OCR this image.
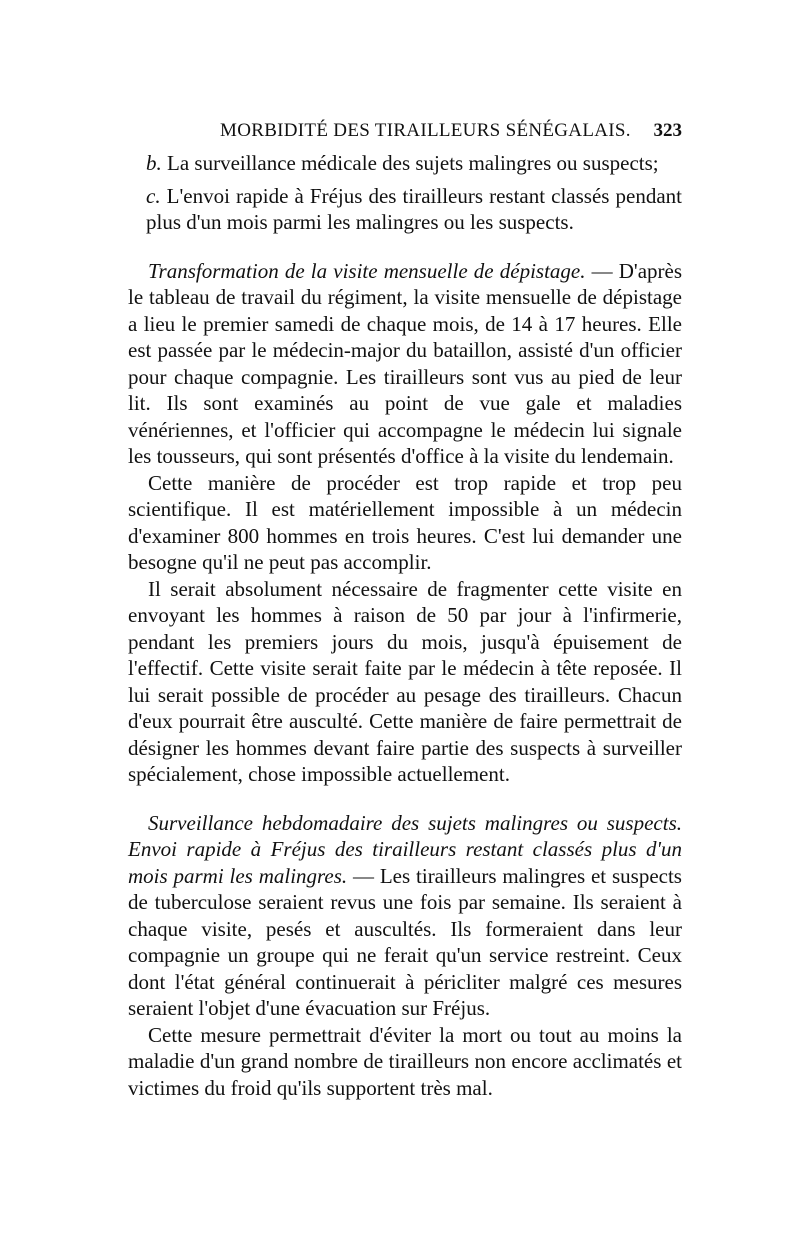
MORBIDITÉ DES TIRAILLEURS SÉNÉGALAIS. 323

b. La surveillance médicale des sujets malingres ou suspects;

c. L'envoi rapide à Fréjus des tirailleurs restant classés pendant plus d'un mois parmi les malingres ou les suspects.

Transformation de la visite mensuelle de dépistage. — D'après le tableau de travail du régiment, la visite mensuelle de dépistage a lieu le premier samedi de chaque mois, de 14 à 17 heures. Elle est passée par le médecin-major du bataillon, assisté d'un officier pour chaque compagnie. Les tirailleurs sont vus au pied de leur lit. Ils sont examinés au point de vue gale et maladies vénériennes, et l'officier qui accompagne le médecin lui signale les tousseurs, qui sont présentés d'office à la visite du lendemain.

Cette manière de procéder est trop rapide et trop peu scientifique. Il est matériellement impossible à un médecin d'examiner 800 hommes en trois heures. C'est lui demander une besogne qu'il ne peut pas accomplir.

Il serait absolument nécessaire de fragmenter cette visite en envoyant les hommes à raison de 50 par jour à l'infirmerie, pendant les premiers jours du mois, jusqu'à épuisement de l'effectif. Cette visite serait faite par le médecin à tête reposée. Il lui serait possible de procéder au pesage des tirailleurs. Chacun d'eux pourrait être ausculté. Cette manière de faire permettrait de désigner les hommes devant faire partie des suspects à surveiller spécialement, chose impossible actuellement.

Surveillance hebdomadaire des sujets malingres ou suspects. Envoi rapide à Fréjus des tirailleurs restant classés plus d'un mois parmi les malingres. — Les tirailleurs malingres et suspects de tuberculose seraient revus une fois par semaine. Ils seraient à chaque visite, pesés et auscultés. Ils formeraient dans leur compagnie un groupe qui ne ferait qu'un service restreint. Ceux dont l'état général continuerait à péricliter malgré ces mesures seraient l'objet d'une évacuation sur Fréjus.

Cette mesure permettrait d'éviter la mort ou tout au moins la maladie d'un grand nombre de tirailleurs non encore acclimatés et victimes du froid qu'ils supportent très mal.
